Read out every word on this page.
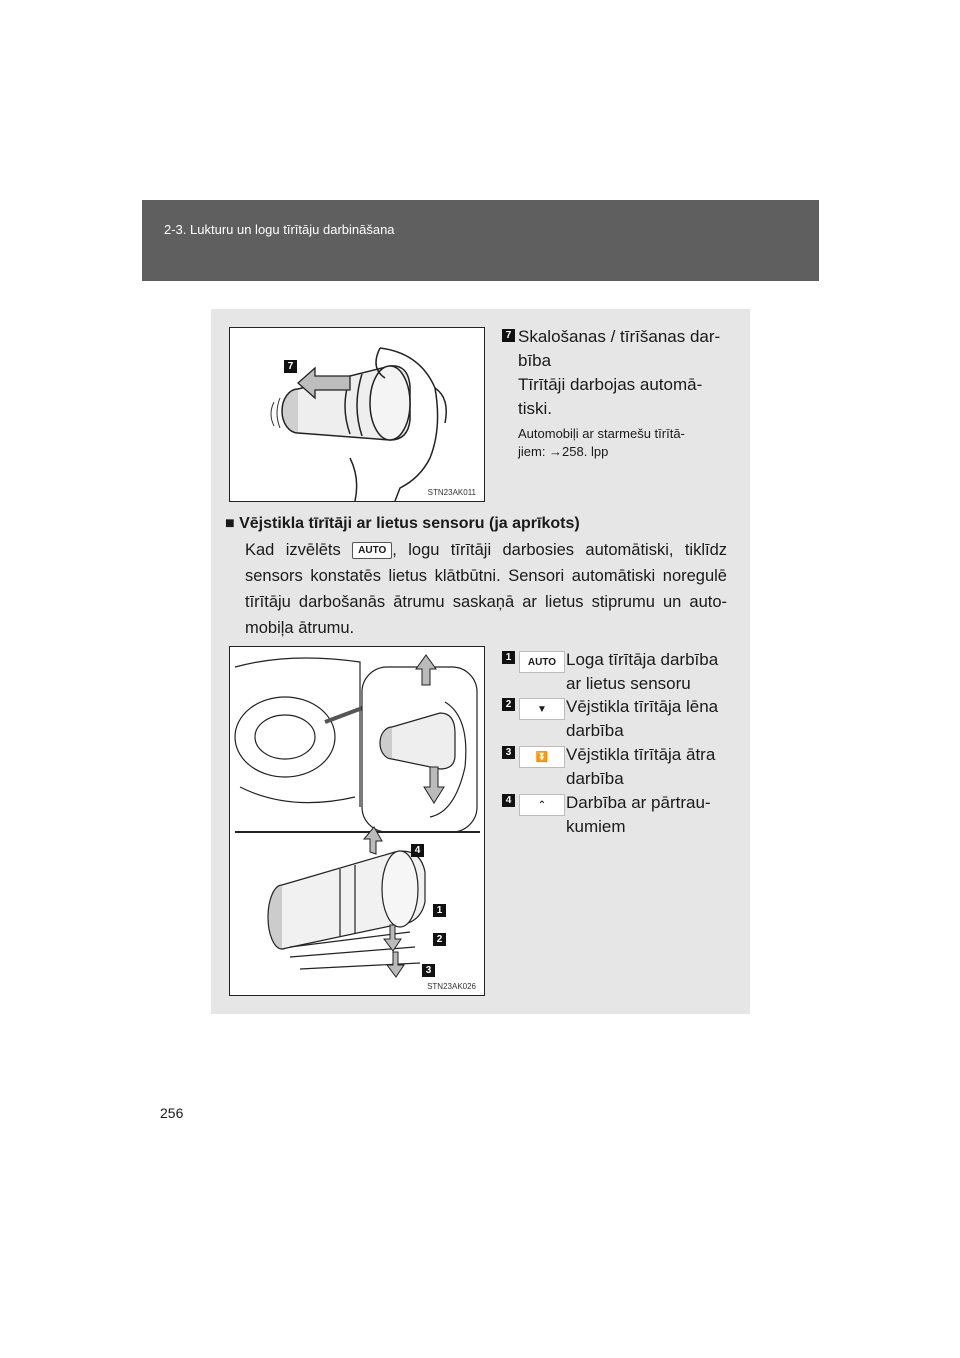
2-3. Lukturu un logu tīrītāju darbināšana
7
STN23AK011
7 Skalošanas / tīrīšanas dar-
bība
Tīrītāji darbojas automā-
tiski.
Automobiļi ar starmešu tīrītā-
jiem: →258. lpp
■ Vējstikla tīrītāji ar lietus sensoru (ja aprīkots)
Kad izvēlēts AUTO , logu tīrītāji darbosies automātiski, tiklīdz sensors konstatēs lietus klātbūtni. Sensori automātiski noregulē tīrītāju darbošanās ātrumu saskaņā ar lietus stiprumu un auto-mobiļa ātrumu.
4
1
2
3
STN23AK026
1	AUTO Loga tīrītāja darbība
ar lietus sensoru
2	▼	Vējstikla tīrītāja lēna
darbība
3	⏬	Vējstikla tīrītāja ātra
darbība
4	⌃	Darbība ar pārtrau-
kumiem
256
